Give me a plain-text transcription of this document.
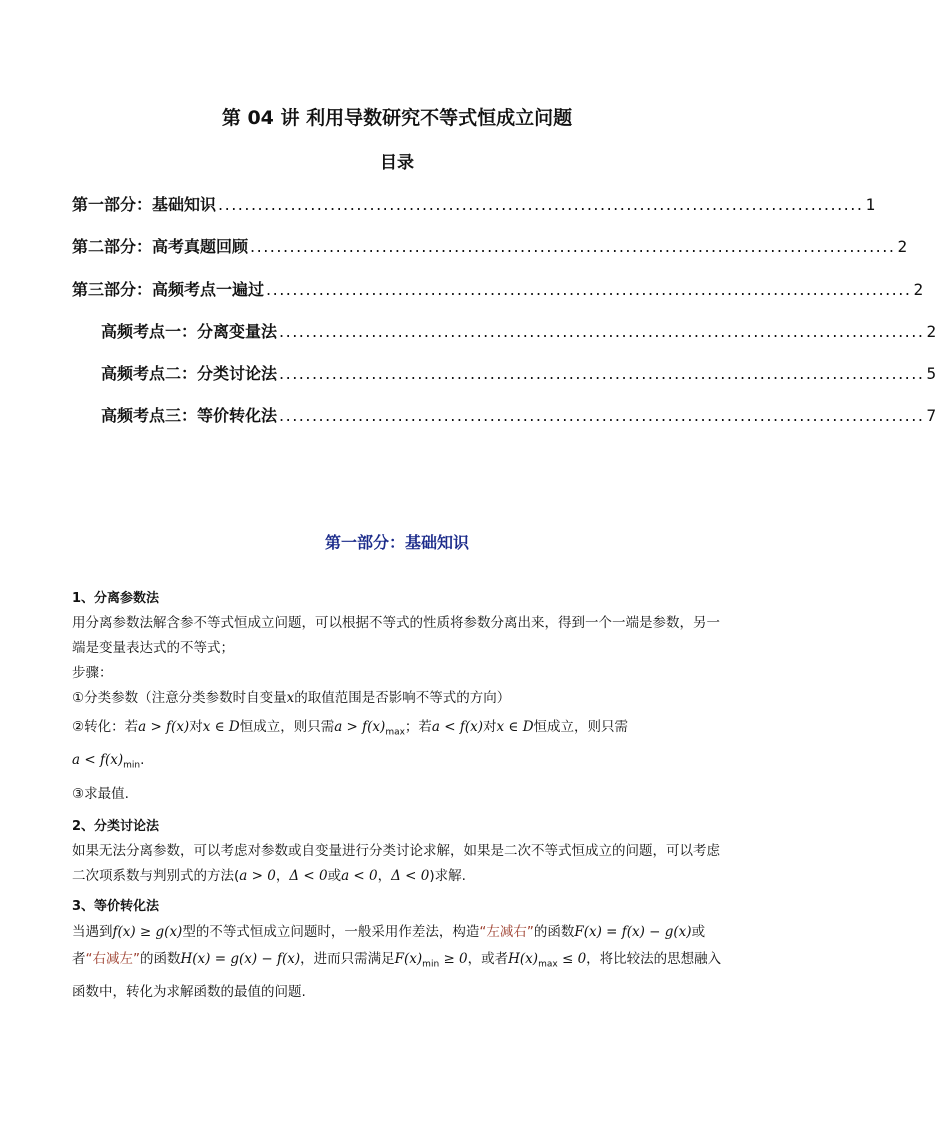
第 04 讲 利用导数研究不等式恒成立问题
目录
第一部分：基础知识 .................................................................................................. 1
第二部分：高考真题回顾 .................................................................................................. 2
第三部分：高频考点一遍过 .................................................................................................. 2
高频考点一：分离变量法 .................................................................................................. 2
高频考点二：分类讨论法 .................................................................................................. 5
高频考点三：等价转化法 .................................................................................................. 7
第一部分：基础知识

1、分离参数法

用分离参数法解含参不等式恒成立问题，可以根据不等式的性质将参数分离出来，得到一个一端是参数，另一端是变量表达式的不等式；

步骤：

①分类参数（注意分类参数时自变量x的取值范围是否影响不等式的方向）

②转化：若a > f(x)对x ∈ D恒成立，则只需$a > f(x)_{max}$；若a < f(x)对x ∈ D恒成立，则只需

$a < f(x)_{min}$.

③求最值.

2、分类讨论法

如果无法分离参数，可以考虑对参数或自变量进行分类讨论求解，如果是二次不等式恒成立的问题，可以考虑二次项系数与判别式的方法(a > 0，Δ < 0或a < 0，Δ < 0)求解.

3、等价转化法

当遇到f(x) ≥ g(x)型的不等式恒成立问题时，一般采用作差法，构造“左减右”的函数F(x) = f(x) − g(x)或者“右减左”的函数H(x) = g(x) − f(x)，进而只需满足$F(x)_{min} \ge 0$，或者$H(x)_{max} \le 0$，将比较法的思想融入函数中，转化为求解函数的最值的问题.
